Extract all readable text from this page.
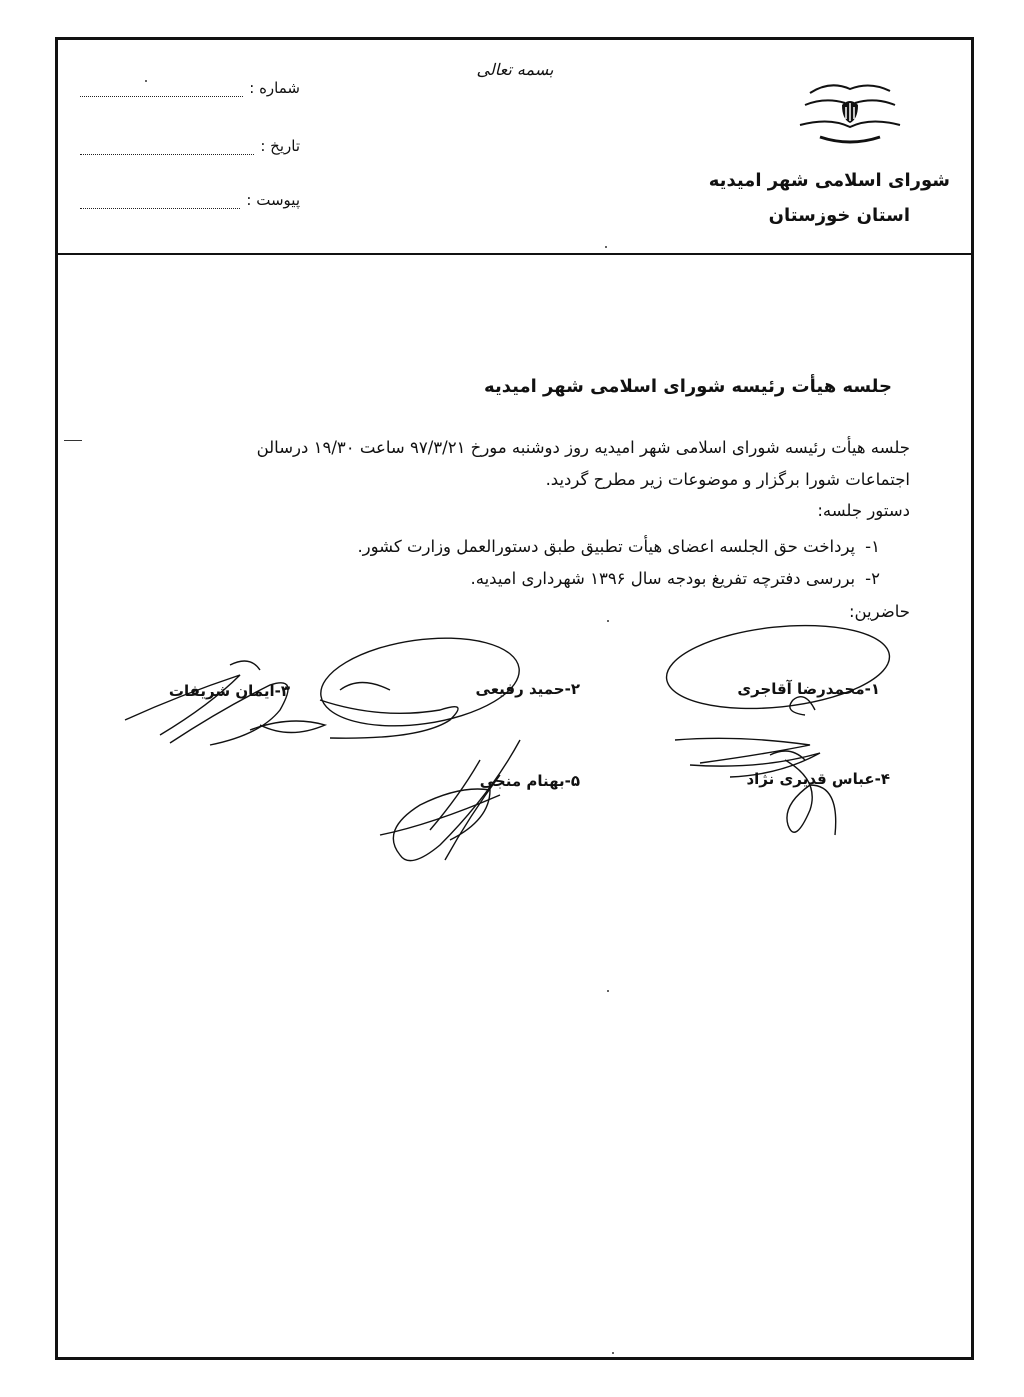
بسمه تعالی
شورای اسلامی شهر امیدیه
استان خوزستان
شماره :
تاریخ :
پیوست :
جلسه هیأت رئیسه شورای اسلامی شهر امیدیه
جلسه هیأت رئیسه شورای اسلامی شهر امیدیه روز دوشنبه مورخ ۹۷/۳/۲۱ ساعت ۱۹/۳۰ درسالن
اجتماعات شورا برگزار و موضوعات زیر مطرح گردید.
دستور جلسه:
۱-
پرداخت حق الجلسه اعضای هیأت تطبیق طبق دستورالعمل وزارت کشور.
۲-
بررسی دفترچه تفریغ بودجه سال ۱۳۹۶ شهرداری امیدیه.
حاضرین:
۱-محمدرضا آقاجری
۲-حمید رفیعی
۳-ایمان شریفات
۴-عباس قدیری نژاد
۵-بهنام منجی
